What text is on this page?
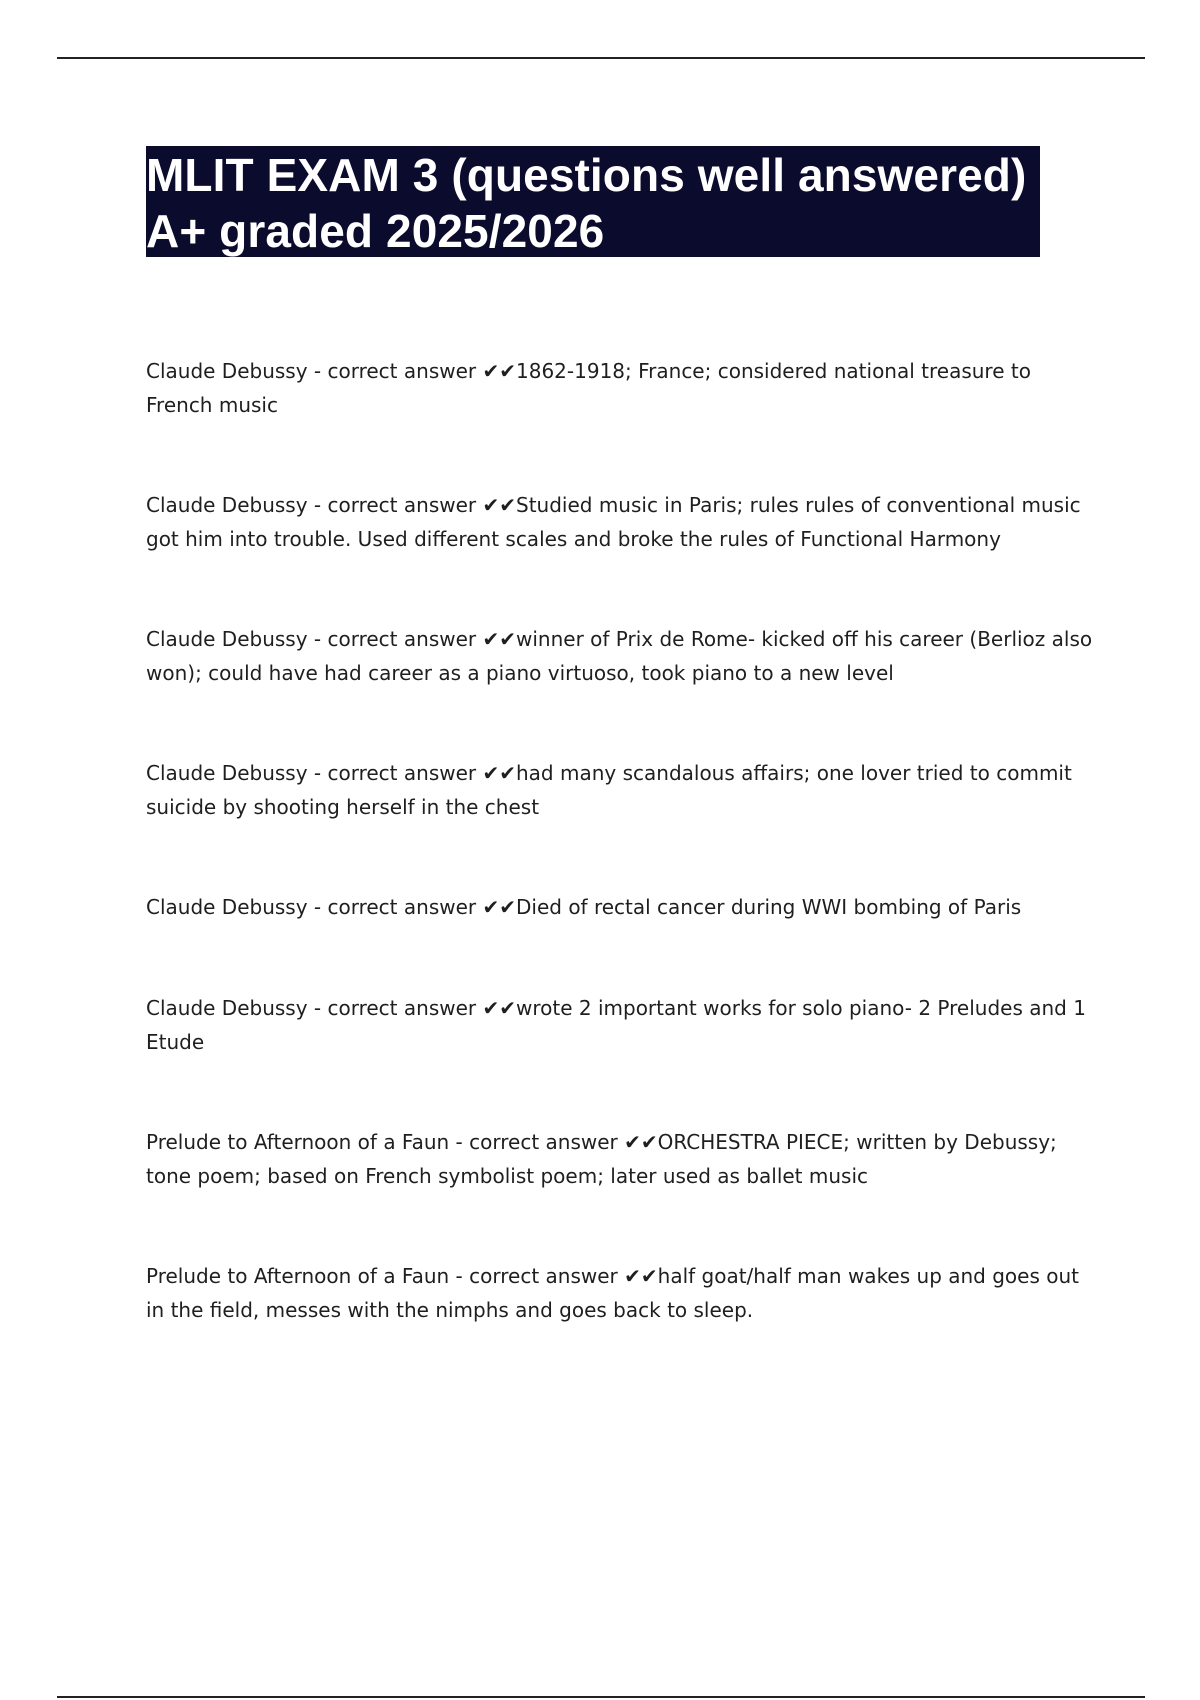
MLIT EXAM 3 (questions well answered) A+ graded 2025/2026
Claude Debussy - correct answer ✔✔1862-1918; France; considered national treasure to French music
Claude Debussy - correct answer ✔✔Studied music in Paris; rules rules of conventional music got him into trouble. Used different scales and broke the rules of Functional Harmony
Claude Debussy - correct answer ✔✔winner of Prix de Rome- kicked off his career (Berlioz also won); could have had career as a piano virtuoso, took piano to a new level
Claude Debussy - correct answer ✔✔had many scandalous affairs; one lover tried to commit suicide by shooting herself in the chest
Claude Debussy - correct answer ✔✔Died of rectal cancer during WWI bombing of Paris
Claude Debussy - correct answer ✔✔wrote 2 important works for solo piano- 2 Preludes and 1 Etude
Prelude to Afternoon of a Faun - correct answer ✔✔ORCHESTRA PIECE; written by Debussy; tone poem; based on French symbolist poem; later used as ballet music
Prelude to Afternoon of a Faun - correct answer ✔✔half goat/half man wakes up and goes out in the field, messes with the nimphs and goes back to sleep.
